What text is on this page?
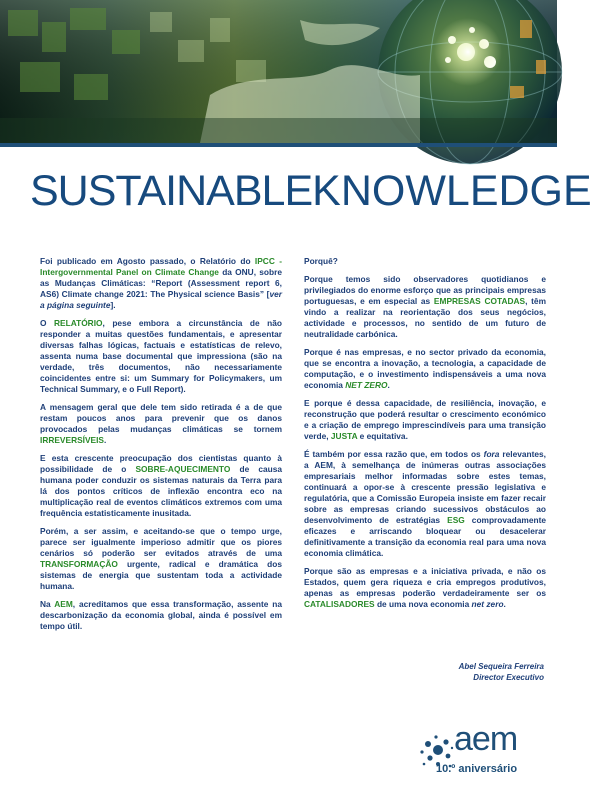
SUSTAINABLEKNOWLEDGE

Foi publicado em Agosto passado, o Relatório do IPCC - Intergovernmental Panel on Climate Change da ONU, sobre as Mudanças Climáticas: “Report (Assessment report 6, AS6) Climate change 2021: The Physical science Basis” [ver a página seguinte].

O RELATÓRIO, pese embora a circunstância de não responder a muitas questões fundamentais, e apresentar diversas falhas lógicas, factuais e estatísticas de relevo, assenta numa base documental que impressiona (são na verdade, três documentos, não necessariamente coincidentes entre si: um Summary for Policymakers, um Technical Summary, e o Full Report).

A mensagem geral que dele tem sido retirada é a de que restam poucos anos para prevenir que os danos provocados pelas mudanças climáticas se tornem IRREVERSÍVEIS.

E esta crescente preocupação dos cientistas quanto à possibilidade de o SOBRE-AQUECIMENTO de causa humana poder conduzir os sistemas naturais da Terra para lá dos pontos críticos de inflexão encontra eco na multiplicação real de eventos climáticos extremos com uma frequência estatisticamente inusitada.

Porém, a ser assim, e aceitando-se que o tempo urge, parece ser igualmente imperioso admitir que os piores cenários só poderão ser evitados através de uma TRANSFORMAÇÃO urgente, radical e dramática dos sistemas de energia que sustentam toda a actividade humana.

Na AEM, acreditamos que essa transformação, assente na descarbonização da economia global, ainda é possível em tempo útil.

Porquê?

Porque temos sido observadores quotidianos e privilegiados do enorme esforço que as principais empresas portuguesas, e em especial as EMPRESAS COTADAS, têm vindo a realizar na reorientação dos seus negócios, actividade e processos, no sentido de um futuro de neutralidade carbónica.

Porque é nas empresas, e no sector privado da economia, que se encontra a inovação, a tecnologia, a capacidade de computação, e o investimento indispensáveis a uma nova economia NET ZERO.

E porque é dessa capacidade, de resiliência, inovação, e reconstrução que poderá resultar o crescimento económico e a criação de emprego imprescindíveis para uma transição verde, JUSTA e equitativa.

É também por essa razão que, em todos os fora relevantes, a AEM, à semelhança de inúmeras outras associações empresariais melhor informadas sobre estes temas, continuará a opor-se à crescente pressão legislativa e regulatória, que a Comissão Europeia insiste em fazer recair sobre as empresas criando sucessivos obstáculos ao desenvolvimento de estratégias ESG comprovadamente eficazes e arriscando bloquear ou desacelerar definitivamente a transição da economia real para uma nova economia climática.

Porque são as empresas e a iniciativa privada, e não os Estados, quem gera riqueza e cria empregos produtivos, apenas as empresas poderão verdadeiramente ser os CATALISADORES de uma nova economia net zero.

Abel Sequeira Ferreira
Director Executivo
aem
10.º aniversário
